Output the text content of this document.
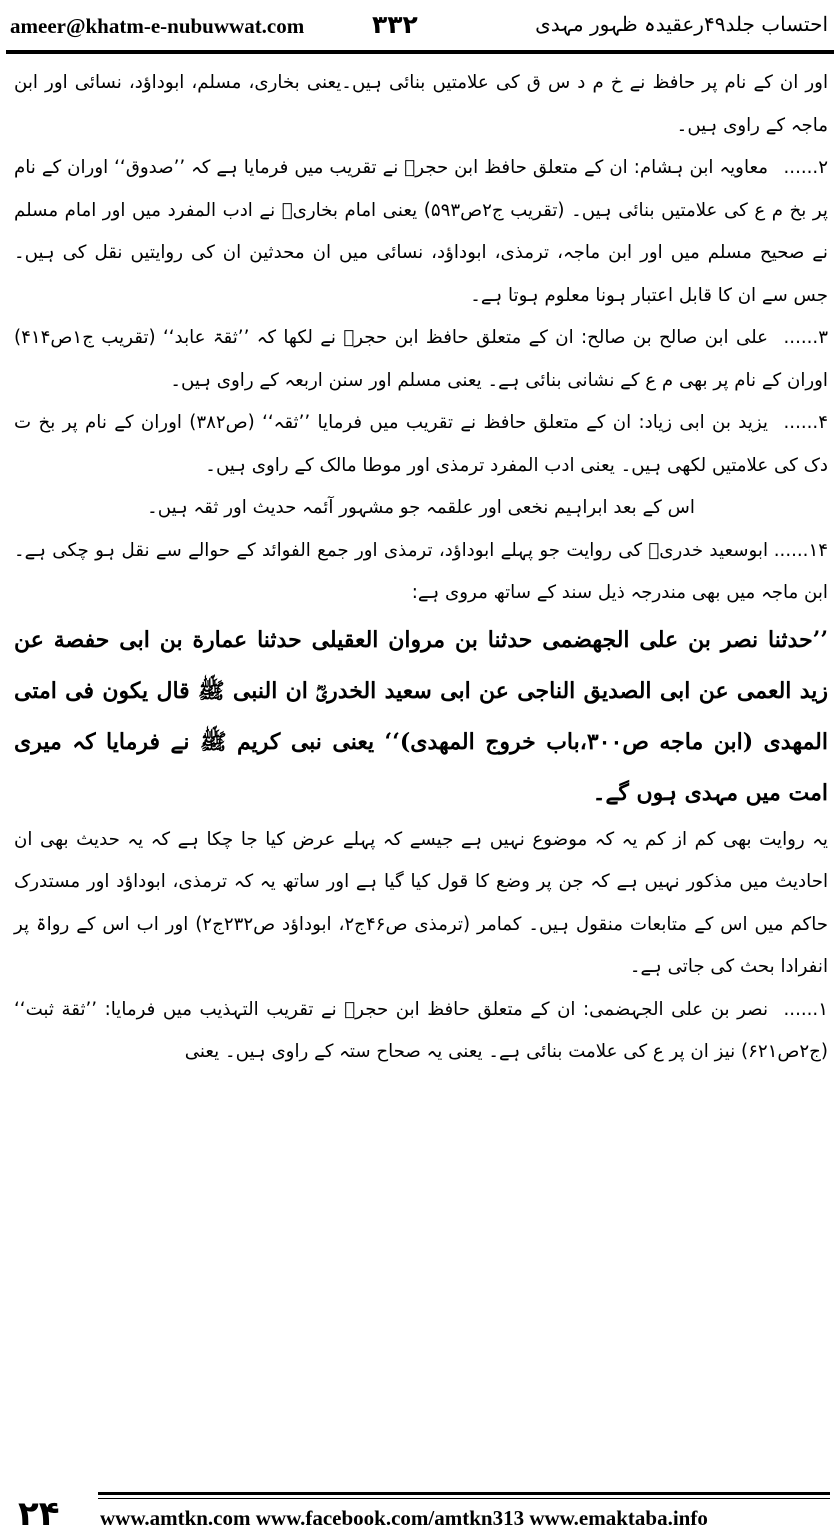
ameer@khatm-e-nubuwwat.com	۳۳۲	احتساب جلد۴۹رعقیدہ ظہور مہدی

اور ان کے نام پر حافظ نے خ م د س ق کی علامتیں بنائی ہیں۔یعنی بخاری، مسلم، ابوداؤد، نسائی اور ابن ماجہ کے راوی ہیں۔

۲......معاویہ ابن ہشام: ان کے متعلق حافظ ابن حجرؒ نے تقریب میں فرمایا ہے کہ ’’صدوق‘‘ اوران کے نام پر بخ م ع کی علامتیں بنائی ہیں۔ (تقریب ج۲ص۵۹۳) یعنی امام بخاریؒ نے ادب المفرد میں اور امام مسلم نے صحیح مسلم میں اور ابن ماجہ، ترمذی، ابوداؤد، نسائی میں ان محدثین ان کی روایتیں نقل کی ہیں۔ جس سے ان کا قابل اعتبار ہونا معلوم ہوتا ہے۔

۳......علی ابن صالح بن صالح: ان کے متعلق حافظ ابن حجرؒ نے لکھا کہ ’’ثقۃ عابد‘‘ (تقریب ج۱ص۴۱۴) اوران کے نام پر بھی م ع کے نشانی بنائی ہے۔ یعنی مسلم اور سنن اربعہ کے راوی ہیں۔

۴......یزید بن ابی زیاد: ان کے متعلق حافظ نے تقریب میں فرمایا ’’ثقہ‘‘ (ص۳۸۲) اوران کے نام پر بخ ت دک کی علامتیں لکھی ہیں۔ یعنی ادب المفرد ترمذی اور موطا مالک کے راوی ہیں۔

اس کے بعد ابراہیم نخعی اور علقمہ جو مشہور آئمہ حدیث اور ثقہ ہیں۔

۱۴......ابوسعید خدریؓ کی روایت جو پہلے ابوداؤد، ترمذی اور جمع الفوائد کے حوالے سے نقل ہو چکی ہے۔ ابن ماجہ میں بھی مندرجہ ذیل سند کے ساتھ مروی ہے:

’’حدثنا نصر بن علی الجهضمی حدثنا بن مروان العقیلی حدثنا عمارة بن ابی حفصة عن زید العمی عن ابی الصدیق الناجی عن ابی سعید الخدریؓ ان النبی ﷺ قال یکون فی امتی المهدی (ابن ماجه ص۳۰۰،باب خروج المهدی)‘‘ یعنی نبی کریم ﷺ نے فرمایا کہ میری امت میں مہدی ہوں گے۔

یہ روایت بھی کم از کم یہ کہ موضوع نہیں ہے جیسے کہ پہلے عرض کیا جا چکا ہے کہ یہ حدیث بھی ان احادیث میں مذکور نہیں ہے کہ جن پر وضع کا قول کیا گیا ہے اور ساتھ یہ کہ ترمذی، ابوداؤد اور مستدرک حاکم میں اس کے متابعات منقول ہیں۔ کمامر (ترمذی ص۴۶ج۲، ابوداؤد ص۲۳۲ج۲) اور اب اس کے رواۃ پر انفرادا بحث کی جاتی ہے۔

۱......نصر بن علی الجہضمی: ان کے متعلق حافظ ابن حجرؒ نے تقریب التہذیب میں فرمایا: ’’ثقة ثبت‘‘ (ج۲ص۶۲۱) نیز ان پر ع کی علامت بنائی ہے۔ یعنی یہ صحاح ستہ کے راوی ہیں۔ یعنی

۲۴ www.amtkn.com www.facebook.com/amtkn313 www.emaktaba.info
